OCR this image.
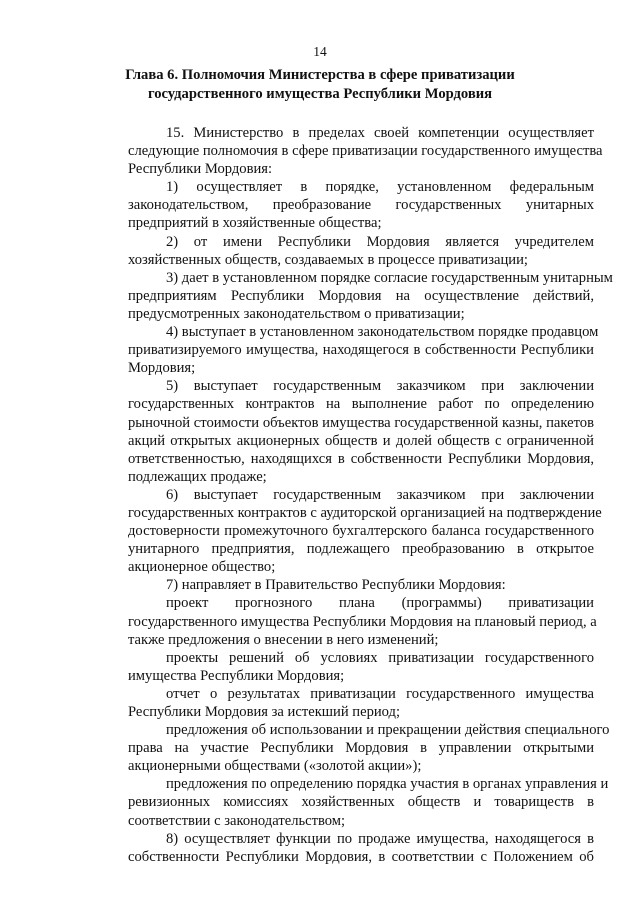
14
Глава 6. Полномочия Министерства в сфере приватизации
государственного имущества Республики Мордовия
15. Министерство в пределах своей компетенции осуществляет
следующие полномочия в сфере приватизации государственного имущества
Республики Мордовия:
1) осуществляет в порядке, установленном федеральным
законодательством, преобразование государственных унитарных
предприятий в хозяйственные общества;
2) от имени Республики Мордовия является учредителем
хозяйственных обществ, создаваемых в процессе приватизации;
3) дает в установленном порядке согласие государственным унитарным
предприятиям Республики Мордовия на осуществление действий,
предусмотренных законодательством о приватизации;
4) выступает в установленном законодательством порядке продавцом
приватизируемого имущества, находящегося в собственности Республики
Мордовия;
5) выступает государственным заказчиком при заключении
государственных контрактов на выполнение работ по определению
рыночной стоимости объектов имущества государственной казны, пакетов
акций открытых акционерных обществ и долей обществ с ограниченной
ответственностью, находящихся в собственности Республики Мордовия,
подлежащих продаже;
6) выступает государственным заказчиком при заключении
государственных контрактов с аудиторской организацией на подтверждение
достоверности промежуточного бухгалтерского баланса государственного
унитарного предприятия, подлежащего преобразованию в открытое
акционерное общество;
7) направляет в Правительство Республики Мордовия:
проект прогнозного плана (программы) приватизации
государственного имущества Республики Мордовия на плановый период, а
также предложения о внесении в него изменений;
проекты решений об условиях приватизации государственного
имущества Республики Мордовия;
отчет о результатах приватизации государственного имущества
Республики Мордовия за истекший период;
предложения об использовании и прекращении действия специального
права на участие Республики Мордовия в управлении открытыми
акционерными обществами («золотой акции»);
предложения по определению порядка участия в органах управления и
ревизионных комиссиях хозяйственных обществ и товариществ в
соответствии с законодательством;
8) осуществляет функции по продаже имущества, находящегося в
собственности Республики Мордовия, в соответствии с Положением об
